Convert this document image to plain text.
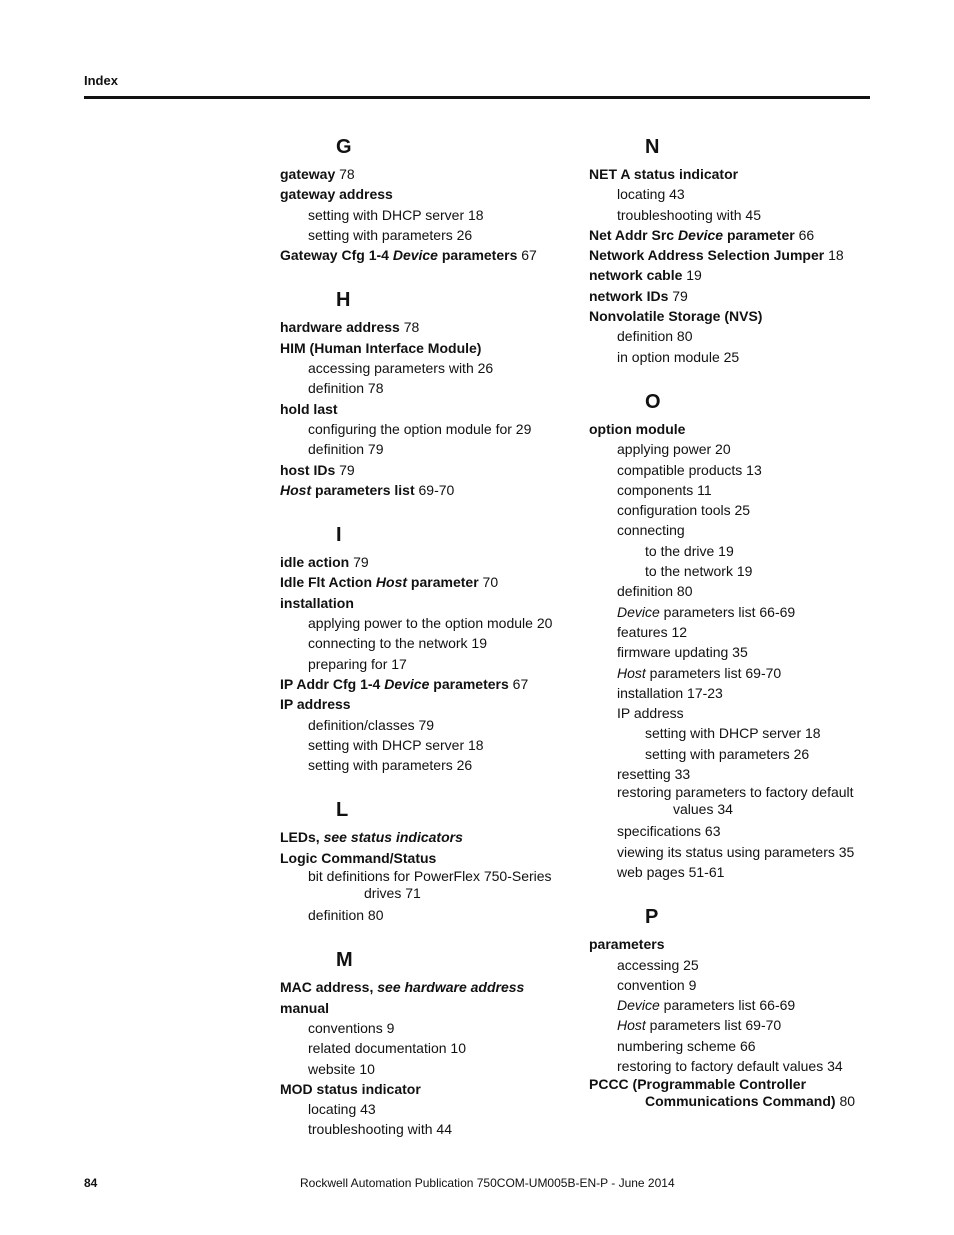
Index
G
gateway 78
gateway address
setting with DHCP server 18
setting with parameters 26
Gateway Cfg 1-4 Device parameters 67
H
hardware address 78
HIM (Human Interface Module)
accessing parameters with 26
definition 78
hold last
configuring the option module for 29
definition 79
host IDs 79
Host parameters list 69-70
I
idle action 79
Idle Flt Action Host parameter 70
installation
applying power to the option module 20
connecting to the network 19
preparing for 17
IP Addr Cfg 1-4 Device parameters 67
IP address
definition/classes 79
setting with DHCP server 18
setting with parameters 26
L
LEDs, see status indicators
Logic Command/Status
bit definitions for PowerFlex 750-Series drives 71
definition 80
M
MAC address, see hardware address
manual
conventions 9
related documentation 10
website 10
MOD status indicator
locating 43
troubleshooting with 44
N
NET A status indicator
locating 43
troubleshooting with 45
Net Addr Src Device parameter 66
Network Address Selection Jumper 18
network cable 19
network IDs 79
Nonvolatile Storage (NVS)
definition 80
in option module 25
O
option module
applying power 20
compatible products 13
components 11
configuration tools 25
connecting
to the drive 19
to the network 19
definition 80
Device parameters list 66-69
features 12
firmware updating 35
Host parameters list 69-70
installation 17-23
IP address
setting with DHCP server 18
setting with parameters 26
resetting 33
restoring parameters to factory default values 34
specifications 63
viewing its status using parameters 35
web pages 51-61
P
parameters
accessing 25
convention 9
Device parameters list 66-69
Host parameters list 69-70
numbering scheme 66
restoring to factory default values 34
PCCC (Programmable Controller Communications Command) 80
84	Rockwell Automation Publication 750COM-UM005B-EN-P - June 2014
